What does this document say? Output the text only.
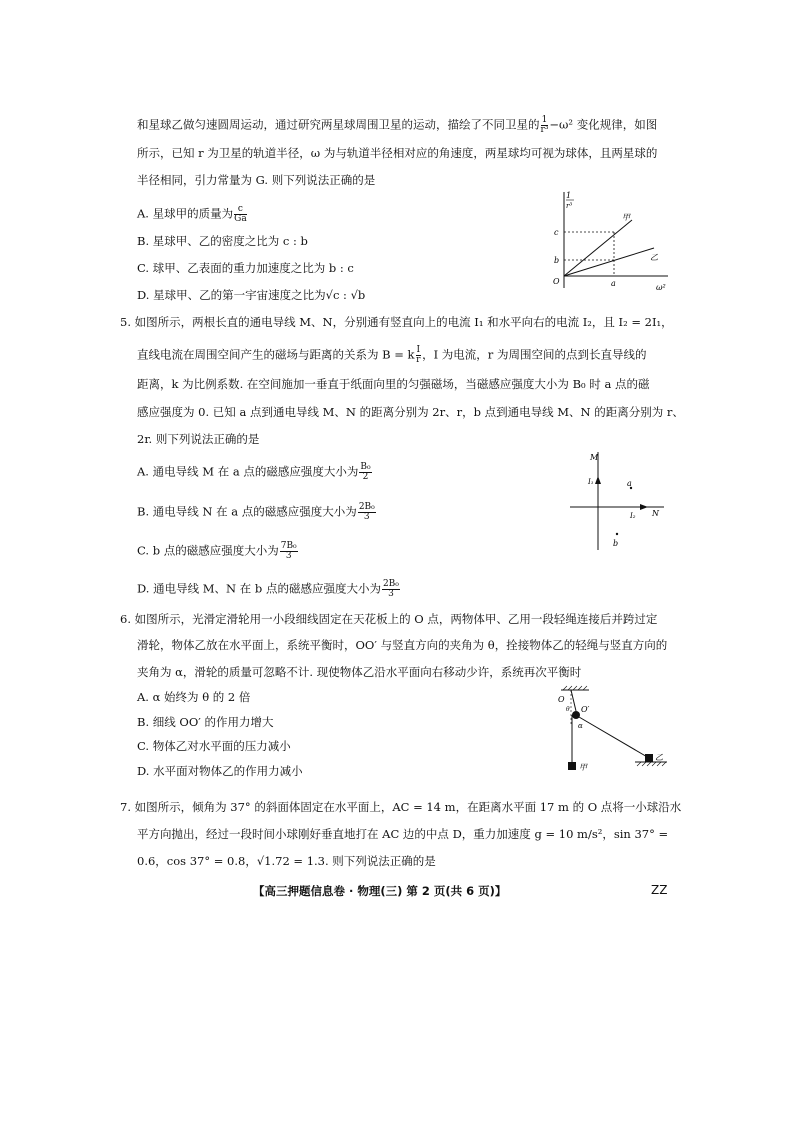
和星球乙做匀速圆周运动，通过研究两星球周围卫星的运动，描绘了不同卫星的 $\frac{1}{\text{r³}} -\omega^2$ 变化规律，如图
所示，已知 r 为卫星的轨道半径，ω 为与轨道半径相对应的角速度，两星球均可视为球体，且两星球的
半径相同，引力常量为 G. 则下列说法正确的是
A. 星球甲的质量为 $\frac{c}{Ga}$
B. 星球甲、乙的密度之比为 c : b
C. 球甲、乙表面的重力加速度之比为 b : c
D. 星球甲、乙的第一宇宙速度之比为√c : √b
1
r³
ω²
c
b
O	a
甲
乙
5. 如图所示，两根长直的通电导线 M、N，分别通有竖直向上的电流 I₁ 和水平向右的电流 I₂，且 I₂ = 2I₁，
直线电流在周围空间产生的磁场与距离的关系为 B = k $\frac{I}{r}$ ，I 为电流，r 为周围空间的点到长直导线的
距离，k 为比例系数. 在空间施加一垂直于纸面向里的匀强磁场，当磁感应强度大小为 B₀ 时 a 点的磁
感应强度为 0. 已知 a 点到通电导线 M、N 的距离分别为 2r、r，b 点到通电导线 M、N 的距离分别为 r、
2r. 则下列说法正确的是
A. 通电导线 M 在 a 点的磁感应强度大小为 $\frac{\text{B₀}}{2}$
B. 通电导线 N 在 a 点的磁感应强度大小为 $\frac{\text{2B₀}}{3}$
C. b 点的磁感应强度大小为 $\frac{\text{7B₀}}{3}$
D. 通电导线 M、N 在 b 点的磁感应强度大小为 $\frac{\text{2B₀}}{3}$
M
I₁
I₂ N
a
b
6. 如图所示，光滑定滑轮用一小段细线固定在天花板上的 O 点，两物体甲、乙用一段轻绳连接后并跨过定
滑轮，物体乙放在水平面上，系统平衡时，OO′ 与竖直方向的夹角为 θ，拴接物体乙的轻绳与竖直方向的
夹角为 α，滑轮的质量可忽略不计. 现使物体乙沿水平面向右移动少许，系统再次平衡时
A. α 始终为 θ 的 2 倍
B. 细线 OO′ 的作用力增大
C. 物体乙对水平面的压力减小
D. 水平面对物体乙的作用力减小
O
O′
θ
α
甲
乙
7. 如图所示，倾角为 37° 的斜面体固定在水平面上，AC = 14 m，在距离水平面 17 m 的 O 点将一小球沿水
平方向抛出，经过一段时间小球刚好垂直地打在 AC 边的中点 D，重力加速度 g = 10 m/s²，sin 37° =
0.6，cos 37° = 0.8，√1.72 = 1.3. 则下列说法正确的是
【高三押题信息卷 · 物理(三) 第 2 页(共 6 页)】	ZZ
